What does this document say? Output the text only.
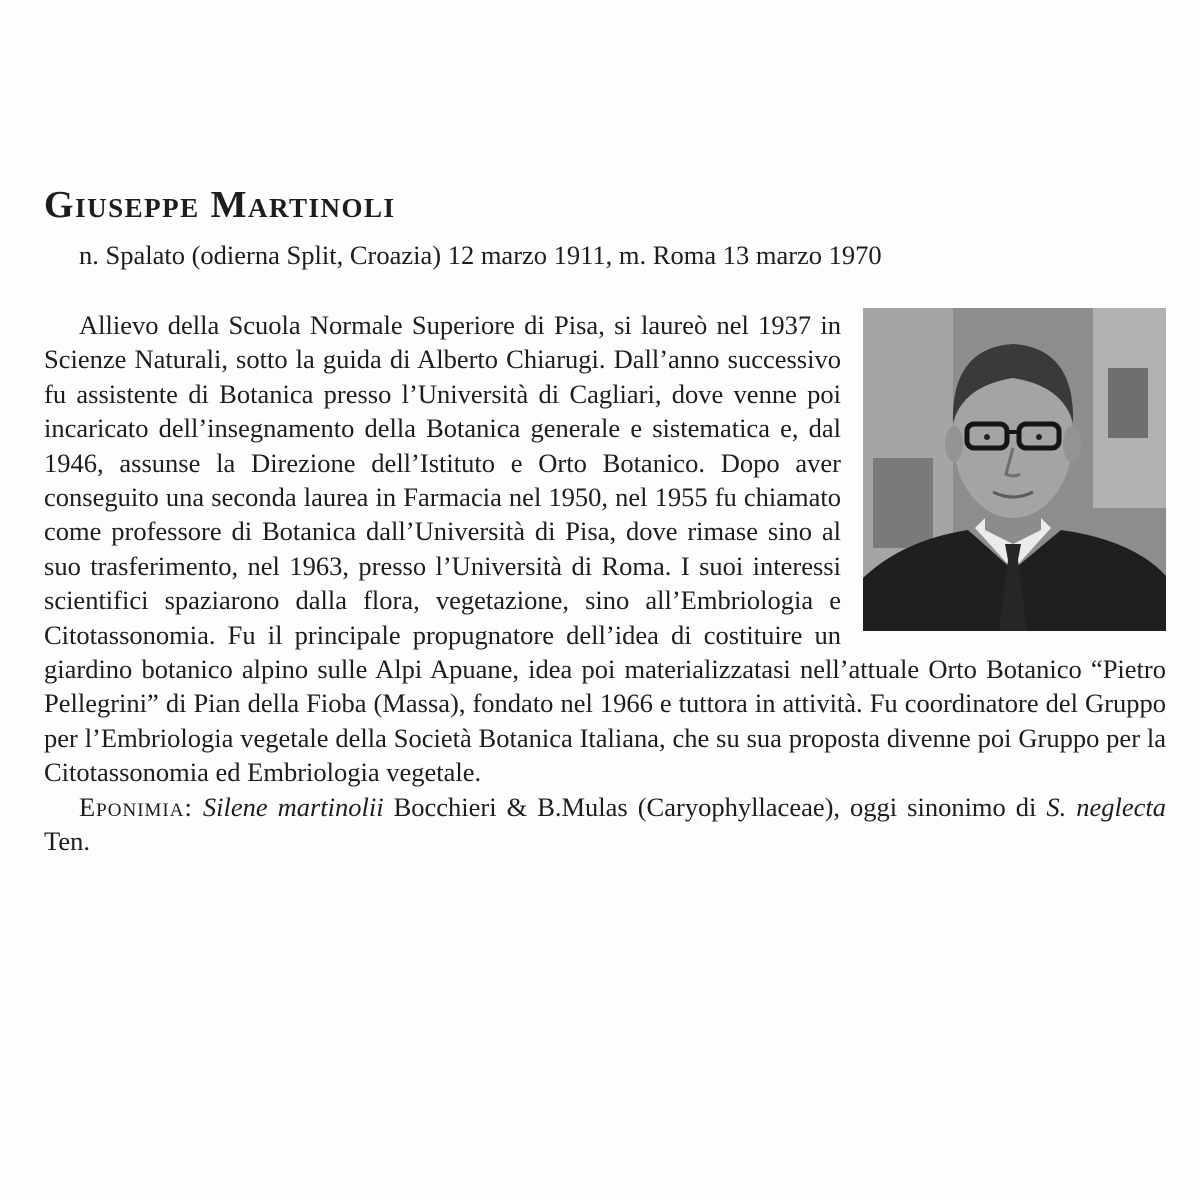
Giuseppe Martinoli
n. Spalato (odierna Split, Croazia) 12 marzo 1911, m. Roma 13 marzo 1970
Allievo della Scuola Normale Superiore di Pisa, si laureò nel 1937 in Scienze Naturali, sotto la guida di Alberto Chiarugi. Dall’anno successivo fu assistente di Botanica presso l’Università di Cagliari, dove venne poi incaricato dell’insegnamento della Botanica generale e sistematica e, dal 1946, assunse la Direzione dell’Istituto e Orto Botanico. Dopo aver conseguito una seconda laurea in Farmacia nel 1950, nel 1955 fu chiamato come professore di Botanica dall’Università di Pisa, dove rimase sino al suo trasferimento, nel 1963, presso l’Università di Roma. I suoi interessi scientifici spaziarono dalla flora, vegetazione, sino all’Embriologia e Citotassonomia. Fu il principale propugnatore dell’idea di costituire un giardino botanico alpino sulle Alpi Apuane, idea poi materializzatasi nell’attuale Orto Botanico “Pietro Pellegrini” di Pian della Fioba (Massa), fondato nel 1966 e tuttora in attività. Fu coordinatore del Gruppo per l’Embriologia vegetale della Società Botanica Italiana, che su sua proposta divenne poi Gruppo per la Citotassonomia ed Embriologia vegetale.

Eponimia: Silene martinolii Bocchieri & B.Mulas (Caryophyllaceae), oggi sinonimo di S. neglecta Ten.
